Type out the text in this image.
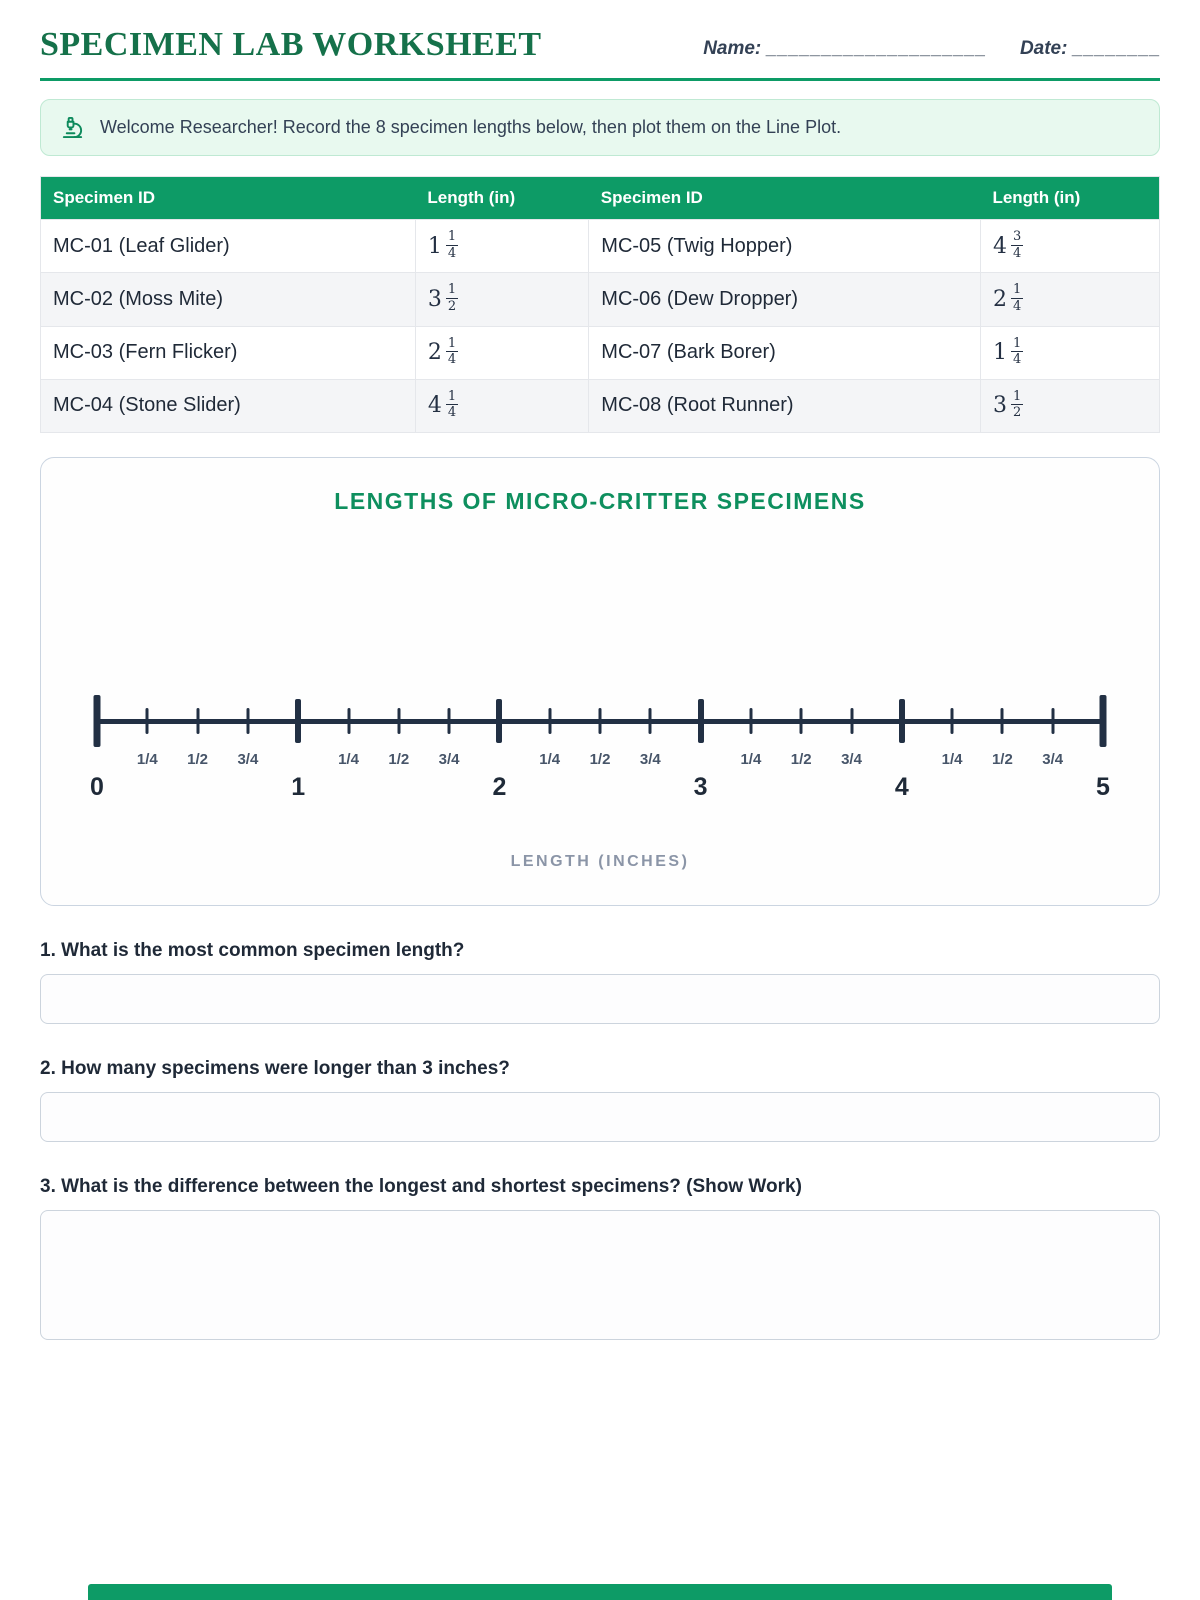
SPECIMEN LAB WORKSHEET	Name: ____________________ Date: ________
Welcome Researcher! Record the 8 specimen lengths below, then plot them on the Line Plot.
Specimen ID	Length (in)	Specimen ID	Length (in)
MC-01 (Leaf Glider)	$1 \frac{1}{4}$	MC-05 (Twig Hopper)	$4 \frac{3}{4}$

MC-02 (Moss Mite)	$3 \frac{1}{2}$	MC-06 (Dew Dropper)	$2 \frac{1}{4}$

MC-03 (Fern Flicker)	$2 \frac{1}{4}$	MC-07 (Bark Borer)	$1 \frac{1}{4}$

MC-04 (Stone Slider)	$4 \frac{1}{4}$	MC-08 (Root Runner)	$3 \frac{1}{2}$
LENGTHS OF MICRO-CRITTER SPECIMENS
1/4 1/2 3/4	1/4 1/2 3/4	1/4 1/2 3/4	1/4 1/2 3/4	1/4 1/2 3/4
0	1	2	3	4	5
LENGTH (INCHES)
1. What is the most common specimen length?
2. How many specimens were longer than 3 inches?
3. What is the difference between the longest and shortest specimens? (Show Work)
